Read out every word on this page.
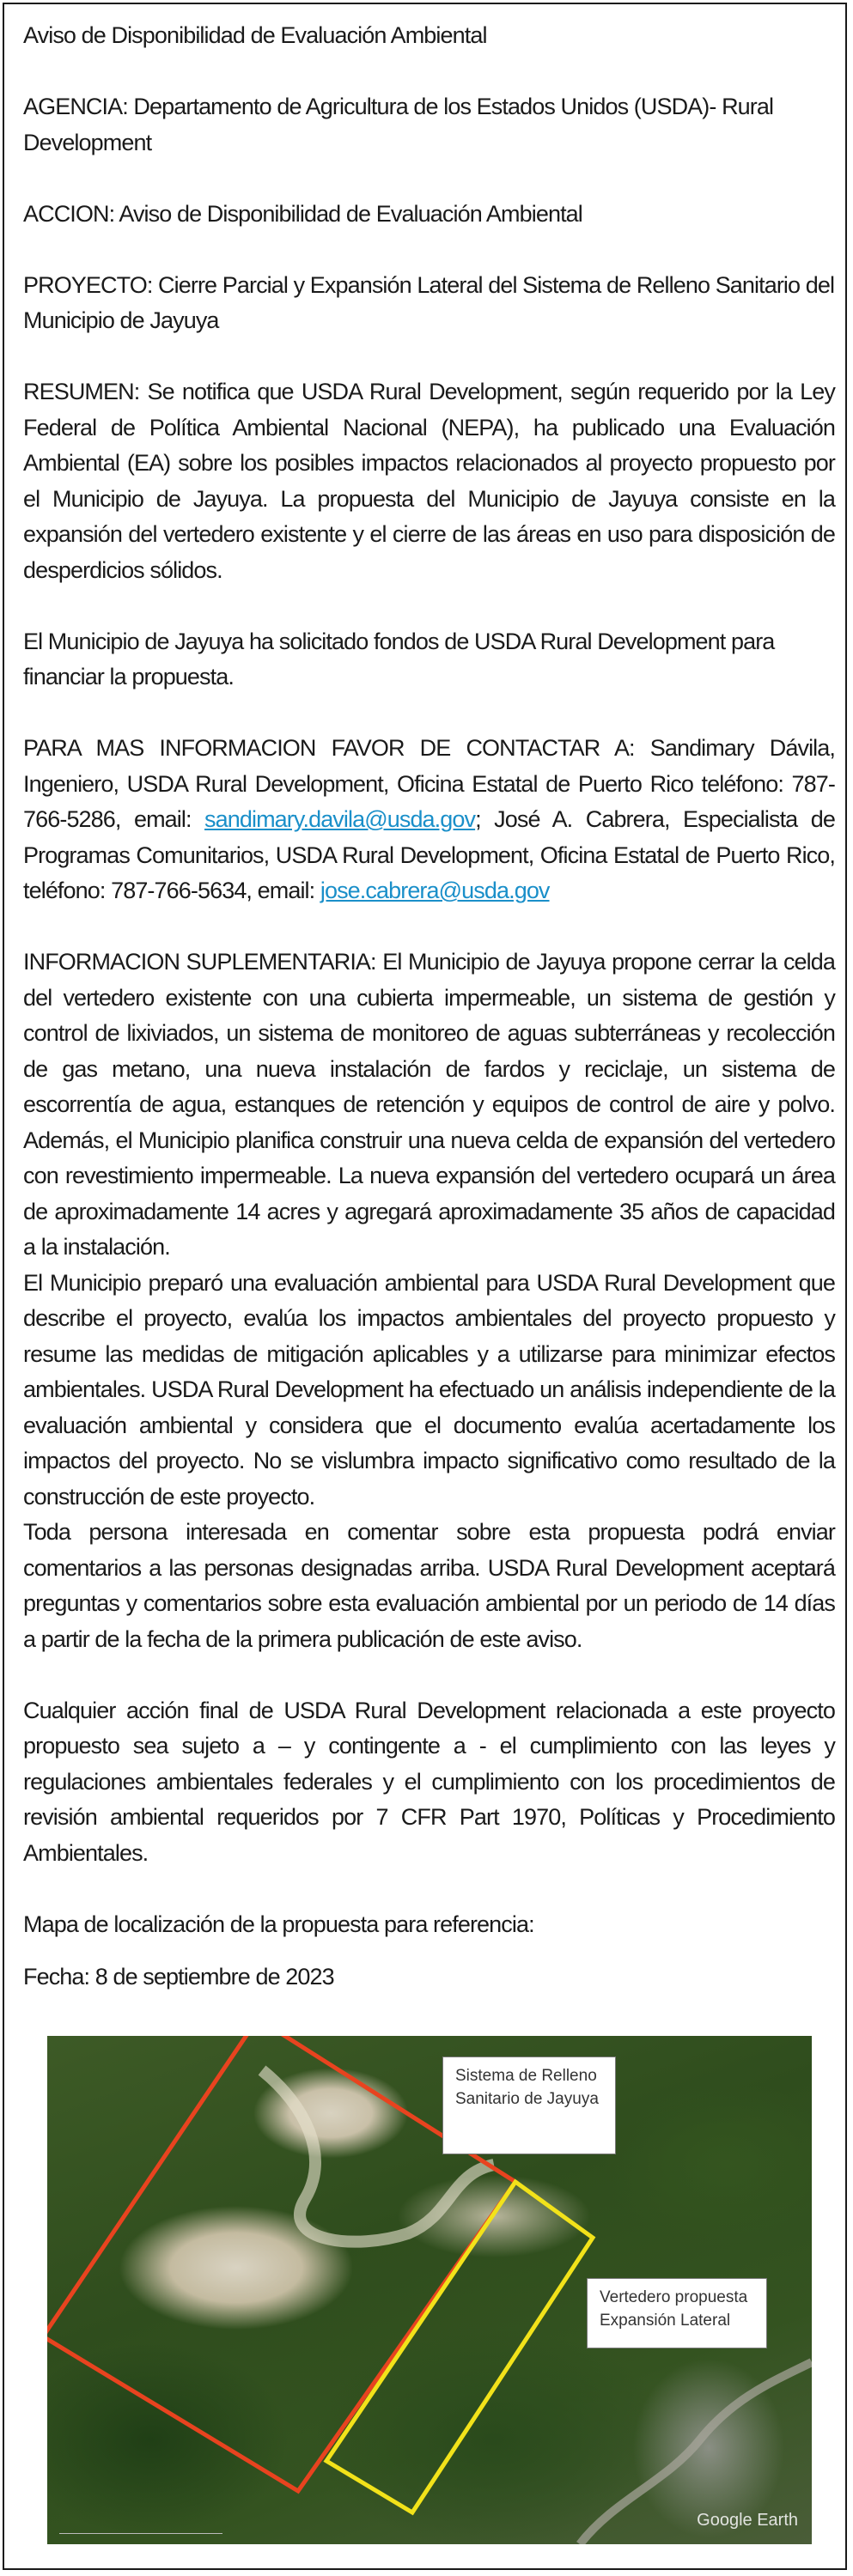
Aviso de Disponibilidad de Evaluación Ambiental

AGENCIA: Departamento de Agricultura de los Estados Unidos (USDA)- Rural Development

ACCION: Aviso de Disponibilidad de Evaluación Ambiental

PROYECTO: Cierre Parcial y Expansión Lateral del Sistema de Relleno Sanitario del Municipio de Jayuya

RESUMEN: Se notifica que USDA Rural Development, según requerido por la Ley Federal de Política Ambiental Nacional (NEPA), ha publicado una Evaluación Ambiental (EA) sobre los posibles impactos relacionados al proyecto propuesto por el Municipio de Jayuya. La propuesta del Municipio de Jayuya consiste en la expansión del vertedero existente y el cierre de las áreas en uso para disposición de desperdicios sólidos.

El Municipio de Jayuya ha solicitado fondos de USDA Rural Development para financiar la propuesta.

PARA MAS INFORMACION FAVOR DE CONTACTAR A: Sandimary Dávila, Ingeniero, USDA Rural Development, Oficina Estatal de Puerto Rico teléfono: 787-766-5286, email: sandimary.davila@usda.gov; José A. Cabrera, Especialista de Programas Comunitarios, USDA Rural Development, Oficina Estatal de Puerto Rico, teléfono: 787-766-5634, email: jose.cabrera@usda.gov

INFORMACION SUPLEMENTARIA: El Municipio de Jayuya propone cerrar la celda del vertedero existente con una cubierta impermeable, un sistema de gestión y control de lixiviados, un sistema de monitoreo de aguas subterráneas y recolección de gas metano, una nueva instalación de fardos y reciclaje, un sistema de escorrentía de agua, estanques de retención y equipos de control de aire y polvo. Además, el Municipio planifica construir una nueva celda de expansión del vertedero con revestimiento impermeable. La nueva expansión del vertedero ocupará un área de aproximadamente 14 acres y agregará aproximadamente 35 años de capacidad a la instalación.

El Municipio preparó una evaluación ambiental para USDA Rural Development que describe el proyecto, evalúa los impactos ambientales del proyecto propuesto y resume las medidas de mitigación aplicables y a utilizarse para minimizar efectos ambientales. USDA Rural Development ha efectuado un análisis independiente de la evaluación ambiental y considera que el documento evalúa acertadamente los impactos del proyecto. No se vislumbra impacto significativo como resultado de la construcción de este proyecto.

Toda persona interesada en comentar sobre esta propuesta podrá enviar comentarios a las personas designadas arriba. USDA Rural Development aceptará preguntas y comentarios sobre esta evaluación ambiental por un periodo de 14 días a partir de la fecha de la primera publicación de este aviso.

Cualquier acción final de USDA Rural Development relacionada a este proyecto propuesto sea sujeto a – y contingente a - el cumplimiento con las leyes y regulaciones ambientales federales y el cumplimiento con los procedimientos de revisión ambiental requeridos por 7 CFR Part 1970, Políticas y Procedimiento Ambientales.

Mapa de localización de la propuesta para referencia:

Fecha: 8 de septiembre de 2023

Sistema de Relleno Sanitario de Jayuya
Vertedero propuesta Expansión Lateral
Google Earth
